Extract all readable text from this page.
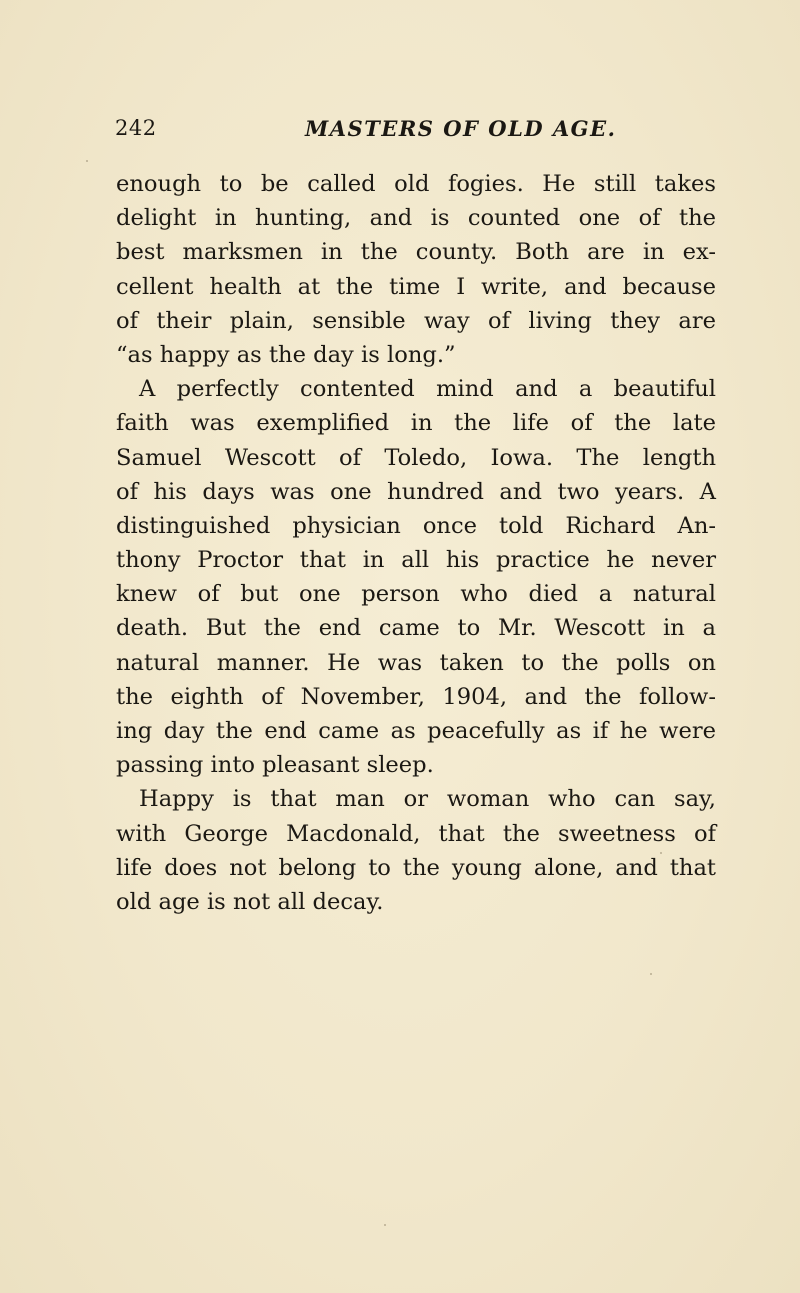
242	MASTERS OF OLD AGE.
enough to be called old fogies. He still takes
delight in hunting, and is counted one of the
best marksmen in the county. Both are in ex-
cellent health at the time I write, and because
of their plain, sensible way of living they are
“as happy as the day is long.”
A perfectly contented mind and a beautiful
faith was exemplified in the life of the late
Samuel Wescott of Toledo, Iowa. The length
of his days was one hundred and two years. A
distinguished physician once told Richard An-
thony Proctor that in all his practice he never
knew of but one person who died a natural
death. But the end came to Mr. Wescott in a
natural manner. He was taken to the polls on
the eighth of November, 1904, and the follow-
ing day the end came as peacefully as if he were
passing into pleasant sleep.
Happy is that man or woman who can say,
with George Macdonald, that the sweetness of
life does not belong to the young alone, and that
old age is not all decay.
